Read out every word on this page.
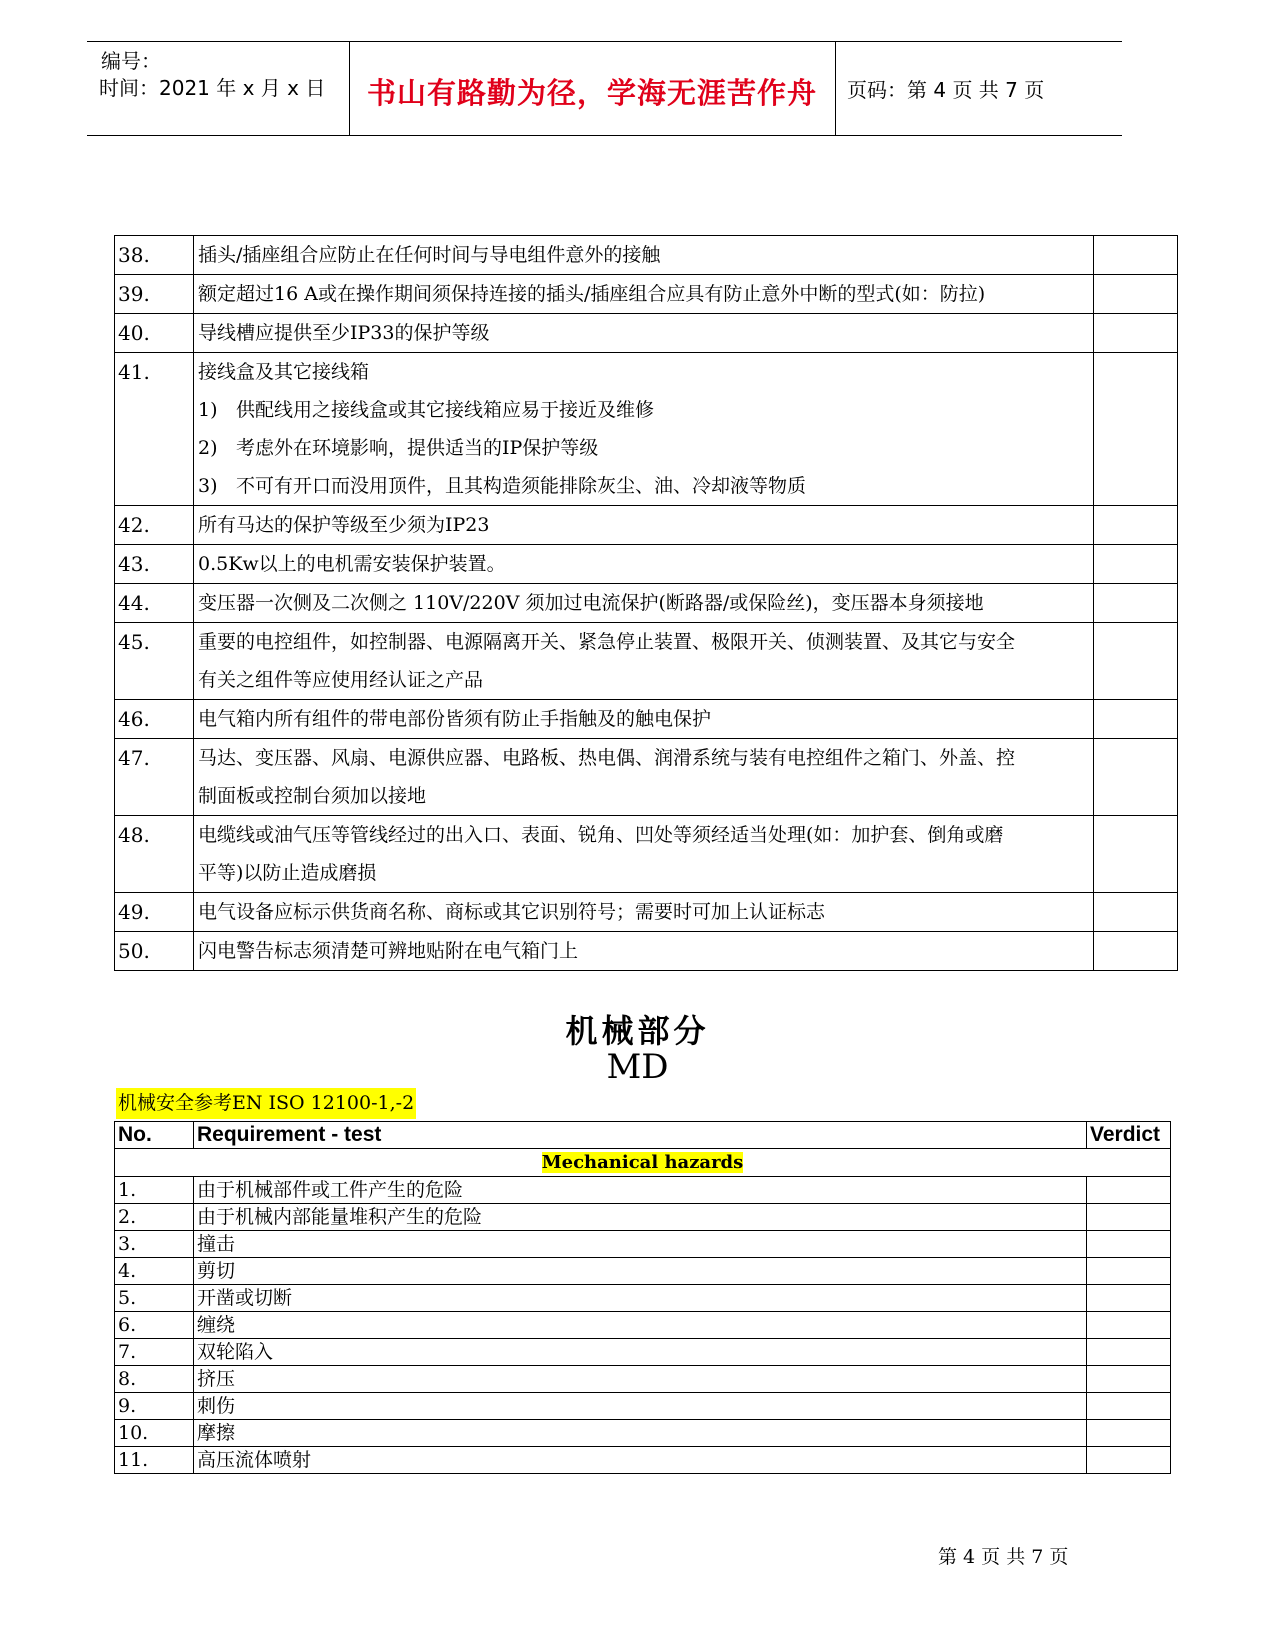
编号：
时间：2021 年 x 月 x 日	书山有路勤为径，学海无涯苦作舟	页码：第 4 页 共 7 页
38.	插头/插座组合应防止在任何时间与导电组件意外的接触	

39.	额定超过16 A或在操作期间须保持连接的插头/插座组合应具有防止意外中断的型式(如：防拉)	

40.	导线槽应提供至少IP33的保护等级	

41.	接线盒及其它接线箱
1) 供配线用之接线盒或其它接线箱应易于接近及维修
2) 考虑外在环境影响，提供适当的IP保护等级
3) 不可有开口而没用顶件，且其构造须能排除灰尘、油、冷却液等物质	

42.	所有马达的保护等级至少须为IP23	

43.	0.5Kw以上的电机需安装保护装置。	

44.	变压器一次侧及二次侧之 110V/220V 须加过电流保护(断路器/或保险丝)，变压器本身须接地	

45.	重要的电控组件，如控制器、电源隔离开关、紧急停止装置、极限开关、侦测装置、及其它与安全
有关之组件等应使用经认证之产品	

46.	电气箱内所有组件的带电部份皆须有防止手指触及的触电保护	

47.	马达、变压器、风扇、电源供应器、电路板、热电偶、润滑系统与装有电控组件之箱门、外盖、控
制面板或控制台须加以接地	

48.	电缆线或油气压等管线经过的出入口、表面、锐角、凹处等须经适当处理(如：加护套、倒角或磨
平等)以防止造成磨损	

49.	电气设备应标示供货商名称、商标或其它识别符号；需要时可加上认证标志	

50.	闪电警告标志须清楚可辨地贴附在电气箱门上	

机械部分
MD
机械安全参考EN ISO 12100-1,-2
No.	Requirement - test	Verdict
Mechanical hazards		
1.	由于机械部件或工件产生的危险	
2.	由于机械内部能量堆积产生的危险	
3.	撞击	
4.	剪切	
5.	开凿或切断	
6.	缠绕	
7.	双轮陷入	
8.	挤压	
9.	刺伤	
10.	摩擦	
11.	高压流体喷射	
第 4 页 共 7 页
